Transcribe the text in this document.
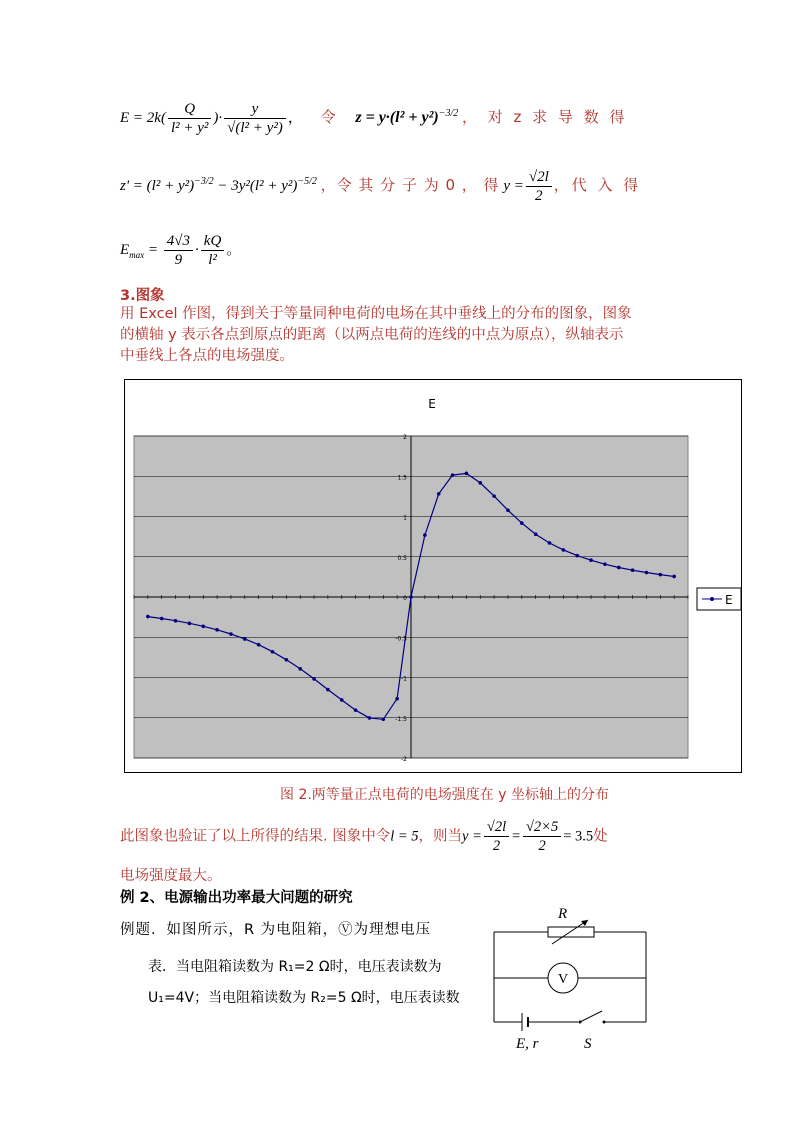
$E = 2k( \frac{Q}{\text{l² + y²}}$ )· $\frac{y}{\text{√(l² + y²)}}$ ， 令 $z = y\cdot(l^2 + y^2)^{-3/2}$ ， 对 z 求 导 数 得
$z' = (l^2 + y^2)^{-3/2} - 3y^2(l^2 + y^2)^{-5/2}$ ，令 其 分 子 为 0 ， 得 $y = \frac{√2l}{2}$ ，代 入 得
$E_{max} = \frac{4√3}{9} \cdot \frac{kQ}{\text{l²}}$ 。
3.图象
用 Excel 作图，得到关于等量同种电荷的电场在其中垂线上的分布的图象，图象
的横轴 y 表示各点到原点的距离（以两点电荷的连线的中点为原点），纵轴表示
中垂线上各点的电场强度。
E
2
1.5
1
0.5
0
-0.5
-1
-1.5
-2
E
图 2.两等量正点电荷的电场强度在 y 坐标轴上的分布
此图象也验证了以上所得的结果. 图象中令l = 5，则当$y = \frac{√2l}{2} = \frac{√2\times 5}{2} = 3.5$处
电场强度最大。
例 2、电源输出功率最大问题的研究
例题．如图所示，R 为电阻箱，Ⓥ为理想电压
表．当电阻箱读数为 R₁=2 Ω时，电压表读数为
U₁=4V；当电阻箱读数为 R₂=5 Ω时，电压表读数
R
V
E, r	S
